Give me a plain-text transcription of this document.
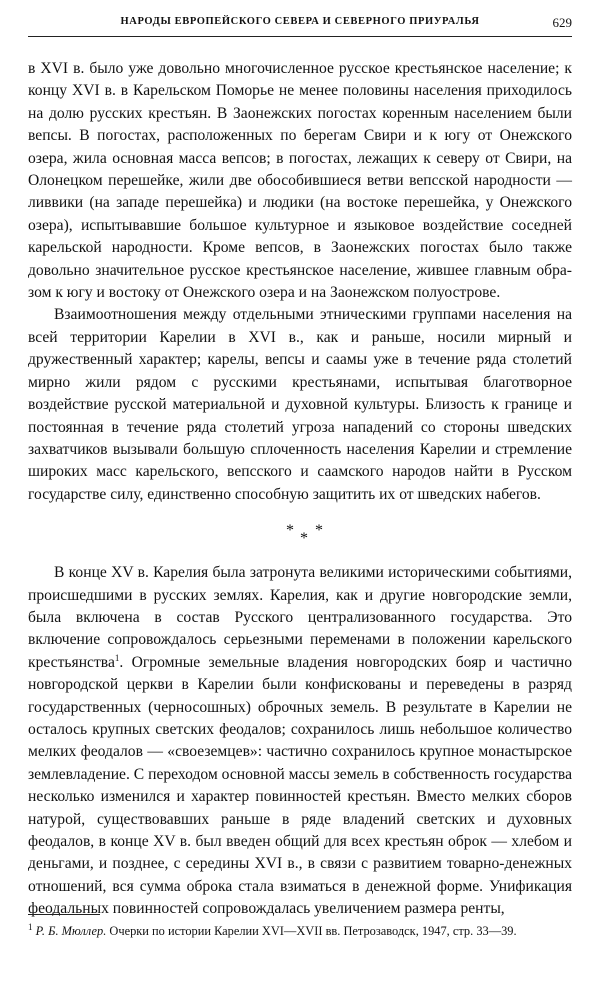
НАРОДЫ ЕВРОПЕЙСКОГО СЕВЕРА И СЕВЕРНОГО ПРИУРАЛЬЯ	629

в XVI в. было уже довольно многочисленное русское крестьянское население; к концу XVI в. в Карельском Поморье не менее половины населения приходилось на долю русских крестьян. В Заонежских погостах коренным населением были вепсы. В погостах, расположенных по берегам Свири и к югу от Онежского озера, жила основная масса вепсов; в погостах, лежащих к северу от Свири, на Олонецком перешейке, жили две обособившиеся ветви вепсской народности — ливвики (на западе перешейка) и людики (на востоке перешейка, у Онежского озера), испытывавшие большое культурное и языковое воздействие соседней карельской народности. Кроме вепсов, в Заонежских погостах было также довольно значительное русское крестьянское население, жившее главным образом к югу и востоку от Онежского озера и на Заонежском полуострове.

Взаимоотношения между отдельными этническими группами населения на всей территории Карелии в XVI в., как и раньше, носили мирный и дружественный характер; карелы, вепсы и саамы уже в течение ряда столетий мирно жили рядом с русскими крестьянами, испытывая благотворное воздействие русской материальной и духовной культуры. Близость к границе и постоянная в течение ряда столетий угроза нападений со стороны шведских захватчиков вызывали большую сплоченность населения Карелии и стремление широких масс карельского, вепсского и саамского народов найти в Русском государстве силу, единственно способную защитить их от шведских набегов.

*
* *

В конце XV в. Карелия была затронута великими историческими событиями, происшедшими в русских землях. Карелия, как и другие новгородские земли, была включена в состав Русского централизованного государства. Это включение сопровождалось серьезными переменами в положении карельского крестьянства$^1$. Огромные земельные владения новгородских бояр и частично новгородской церкви в Карелии были конфискованы и переведены в разряд государственных (черносошных) оброчных земель. В результате в Карелии не осталось крупных светских феодалов; сохранилось лишь небольшое количество мелких феодалов — «своеземцев»: частично сохранилось крупное монастырское землевладение. С переходом основной массы земель в собственность государства несколько изменился и характер повинностей крестьян. Вместо мелких сборов натурой, существовавших раньше в ряде владений светских и духовных феодалов, в конце XV в. был введен общий для всех крестьян оброк — хлебом и деньгами, и позднее, с середины XVI в., в связи с развитием товарно-денежных отношений, вся сумма оброка стала взиматься в денежной форме. Унификация феодальных повинностей сопровождалась увеличением размера ренты,

$^1$ Р. Б. Мюллер. Очерки по истории Карелии XVI—XVII вв. Петрозаводск, 1947, стр. 33—39.
